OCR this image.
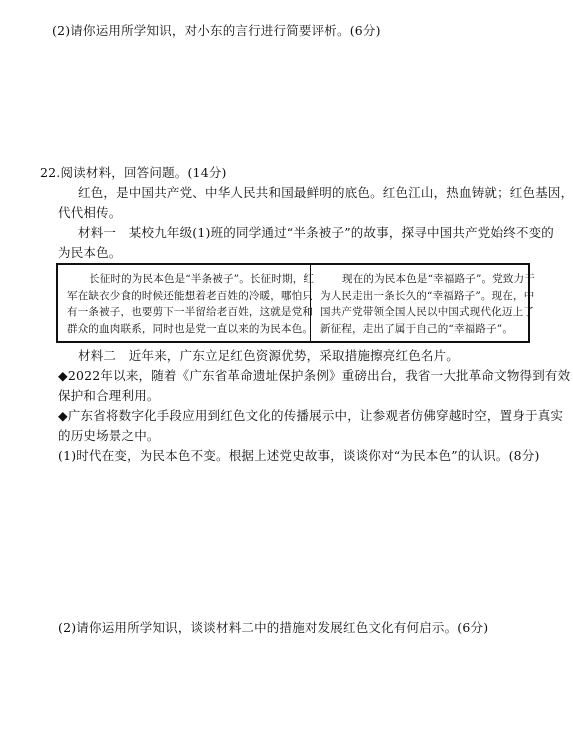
(2)请你运用所学知识，对小东的言行进行简要评析。(6分)
22.阅读材料，回答问题。(14分)
红色，是中国共产党、中华人民共和国最鲜明的底色。红色江山，热血铸就；红色基因，
代代相传。
材料一　某校九年级(1)班的同学通过“半条被子”的故事，探寻中国共产党始终不变的
为民本色。

长征时的为民本色是“半条被子”。长征时期，红

军在缺衣少食的时候还能想着老百姓的冷暖，哪怕只

有一条被子，也要剪下一半留给老百姓，这就是党和

群众的血肉联系，同时也是党一直以来的为民本色。

现在的为民本色是“幸福路子”。党致力于

为人民走出一条长久的“幸福路子”。现在，中

国共产党带领全国人民以中国式现代化迈上了

新征程，走出了属于自己的“幸福路子”。

材料二　近年来，广东立足红色资源优势，采取措施擦亮红色名片。
◆2022年以来，随着《广东省革命遗址保护条例》重磅出台，我省一大批革命文物得到有效
保护和合理利用。
◆广东省将数字化手段应用到红色文化的传播展示中，让参观者仿佛穿越时空，置身于真实
的历史场景之中。
(1)时代在变，为民本色不变。根据上述党史故事，谈谈你对“为民本色”的认识。(8分)
(2)请你运用所学知识，谈谈材料二中的措施对发展红色文化有何启示。(6分)
